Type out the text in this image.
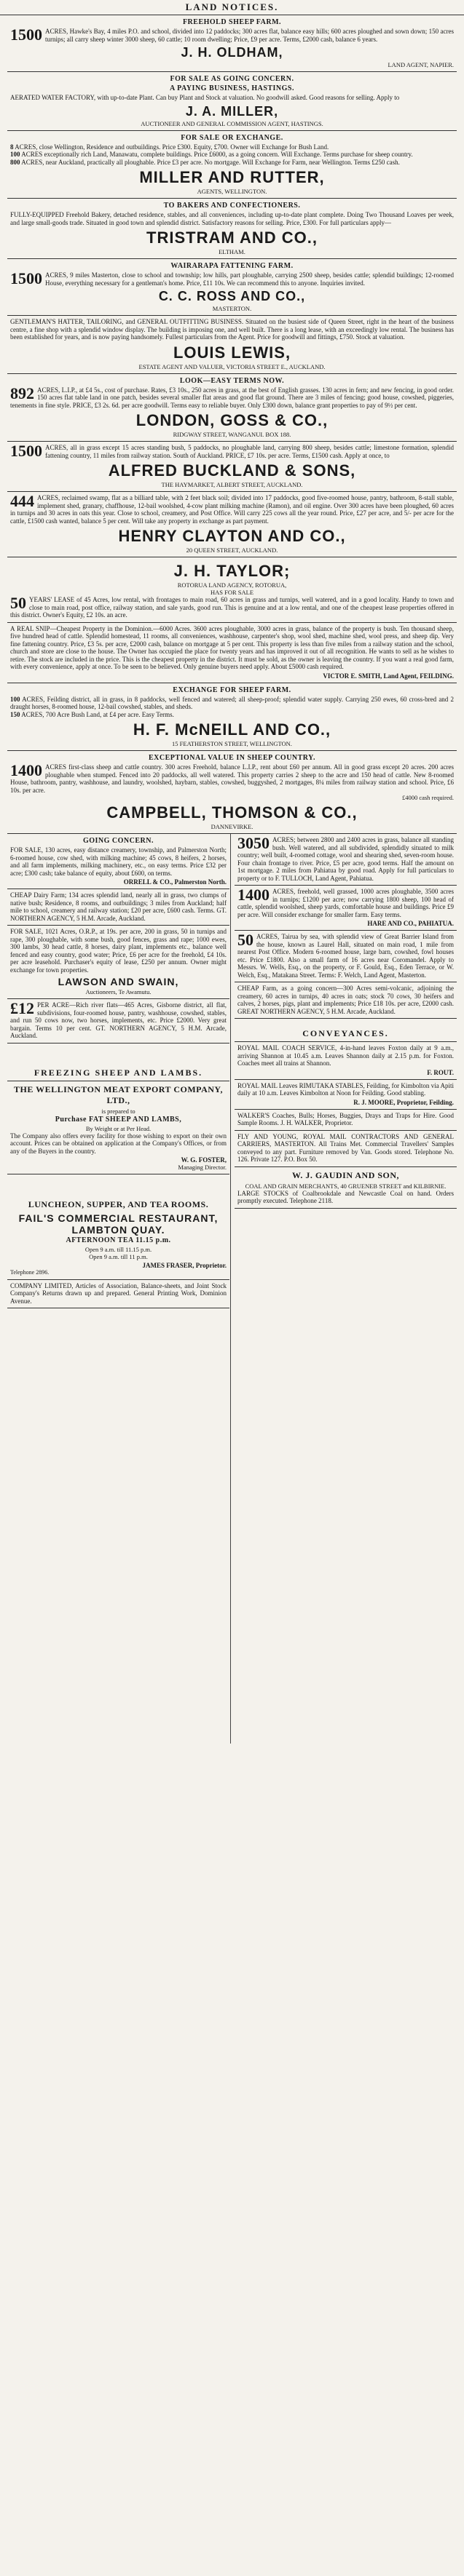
LAND NOTICES.
FREEHOLD SHEEP FARM.

1500 ACRES, Hawke's Bay, 4 miles P.O. and school, divided into 12 paddocks; 300 acres flat, balance easy hills; 600 acres ploughed and sown down; 150 acres turnips; all carry sheep winter 3000 sheep, 60 cattle; 10 room dwelling; Price, £9 per acre. Terms, £2000 cash, balance 6 years.

J. H. OLDHAM,
LAND AGENT, NAPIER.
FOR SALE AS GOING CONCERN.
A PAYING BUSINESS, HASTINGS.

AERATED WATER FACTORY, with up-to-date Plant. Can buy Plant and Stock at valuation. No goodwill asked. Good reasons for selling. Apply to

J. A. MILLER,
AUCTIONEER AND GENERAL COMMISSION AGENT, HASTINGS.
FOR SALE OR EXCHANGE.

8 ACRES, close Wellington, Residence and outbuildings. Price £300. Equity, £700. Owner will Exchange for Bush Land.

100 ACRES exceptionally rich Land, Manawatu, complete buildings. Price £6000, as a going concern. Will Exchange. Terms purchase for sheep country.

800 ACRES, near Auckland, practically all ploughable. Price £3 per acre. No mortgage. Will Exchange for Farm, near Wellington. Terms £250 cash.

MILLER AND RUTTER,
AGENTS, WELLINGTON.
TO BAKERS AND CONFECTIONERS.

FULLY-EQUIPPED Freehold Bakery, detached residence, stables, and all conveniences, including up-to-date plant complete. Doing Two Thousand Loaves per week, and large small-goods trade. Situated in good town and splendid district. Satisfactory reasons for selling. Price, £300. For full particulars apply—

TRISTRAM AND CO.,
ELTHAM.
WAIRARAPA FATTENING FARM.

1500 ACRES, 9 miles Masterton, close to school and township; low hills, part ploughable, carrying 2500 sheep, besides cattle; splendid buildings; 12-roomed House, everything necessary for a gentleman's home. Price, £11 10s. We can recommend this to anyone. Inquiries invited.

C. C. ROSS AND CO.,
MASTERTON.

GENTLEMAN'S HATTER, TAILORING, and GENERAL OUTFITTING BUSINESS. Situated on the busiest side of Queen Street, right in the heart of the business centre, a fine shop with a splendid window display. The building is imposing one, and well built. There is a long lease, with an exceedingly low rental. The business has been established for years, and is now paying handsomely. Fullest particulars from the Agent. Price for goodwill and fittings, £750. Stock at valuation.

LOUIS LEWIS,
ESTATE AGENT AND VALUER, VICTORIA STREET E., AUCKLAND.
LOOK—EASY TERMS NOW.

892 ACRES, L.I.P., at £4 5s., cost of purchase. Rates, £3 10s., 250 acres in grass, at the best of English grasses. 130 acres in fern; and new fencing, in good order. 150 acres flat table land in one patch, besides several smaller flat areas and good flat ground. There are 3 miles of fencing; good house, cowshed, piggeries, tenements in fine style. PRICE, £3 2s. 6d. per acre goodwill. Terms easy to reliable buyer. Only £300 down, balance grant properties to pay of 9½ per cent.

LONDON, GOSS & CO.,
RIDGWAY STREET, WANGANUI. BOX 188.

1500 ACRES, all in grass except 15 acres standing bush, 5 paddocks, no ploughable land, carrying 800 sheep, besides cattle; limestone formation, splendid fattening country, 11 miles from railway station. South of Auckland. PRICE, £7 10s. per acre. Terms, £1500 cash. Apply at once, to

ALFRED BUCKLAND & SONS,
THE HAYMARKET, ALBERT STREET, AUCKLAND.

444 ACRES, reclaimed swamp, flat as a billiard table, with 2 feet black soil; divided into 17 paddocks, good five-roomed house, pantry, bathroom, 8-stall stable, implement shed, granary, chaffhouse, 12-bail woolshed, 4-cow plant milking machine (Ramon), and oil engine. Over 300 acres have been ploughed, 60 acres in turnips and 30 acres in oats this year. Close to school, creamery, and Post Office. Will carry 225 cows all the year round. Price, £27 per acre, and 5/- per acre for the cattle, £1500 cash wanted, balance 5 per cent. Will take any property in exchange as part payment.

HENRY CLAYTON AND CO.,
20 QUEEN STREET, AUCKLAND.
J. H. TAYLOR;
ROTORUA LAND AGENCY, ROTORUA,
HAS FOR SALE

50 YEARS' LEASE of 45 Acres, low rental, with frontages to main road, 60 acres in grass and turnips, well watered, and in a good locality. Handy to town and close to main road, post office, railway station, and sale yards, good run. This is genuine and at a low rental, and one of the cheapest lease properties offered in this district. Owner's Equity, £2 10s. an acre.

A REAL SNIP—Cheapest Property in the Dominion.—6000 Acres. 3600 acres ploughable, 3000 acres in grass, balance of the property is bush. Ten thousand sheep, five hundred head of cattle. Splendid homestead, 11 rooms, all conveniences, washhouse, carpenter's shop, wool shed, machine shed, wool press, and sheep dip. Very fine fattening country. Price, £3 5s. per acre, £2000 cash, balance on mortgage at 5 per cent. This property is less than five miles from a railway station and the school, church and store are close to the house. The Owner has occupied the place for twenty years and has improved it out of all recognition. He wants to sell as he wishes to retire. The stock are included in the price. This is the cheapest property in the district. It must be sold, as the owner is leaving the country. If you want a real good farm, with every convenience, apply at once. To be seen to be believed. Only genuine buyers need apply. About £5000 cash required.

VICTOR E. SMITH, Land Agent, FEILDING.
EXCHANGE FOR SHEEP FARM.

100 ACRES, Feilding district, all in grass, in 8 paddocks, well fenced and watered; all sheep-proof; splendid water supply. Carrying 250 ewes, 60 cross-bred and 2 draught horses, 8-roomed house, 12-bail cowshed, stables, and sheds.

150 ACRES, 700 Acre Bush Land, at £4 per acre. Easy Terms.

H. F. McNEILL AND CO.,
15 FEATHERSTON STREET, WELLINGTON.
EXCEPTIONAL VALUE IN SHEEP COUNTRY.

1400 ACRES first-class sheep and cattle country. 300 acres Freehold, balance L.I.P., rent about £60 per annum. All in good grass except 20 acres. 200 acres ploughable when stumped. Fenced into 20 paddocks, all well watered. This property carries 2 sheep to the acre and 150 head of cattle. New 8-roomed House, bathroom, pantry, washhouse, and laundry, woolshed, haybarn, stables, cowshed, buggyshed, 2 mortgages, 8¼ miles from railway station and school. Price, £6 10s. per acre.

£4000 cash required.
CAMPBELL, THOMSON & CO.,
DANNEVIRKE.
GOING CONCERN.

FOR SALE, 130 acres, easy distance creamery, township, and Palmerston North; 6-roomed house, cow shed, with milking machine; 45 cows, 8 heifers, 2 horses, and all farm implements, milking machinery, etc., on easy terms. Price £32 per acre; £300 cash; take balance of equity, about £600, on terms.

ORRELL & CO., Palmerston North.

CHEAP Dairy Farm; 134 acres splendid land, nearly all in grass, two clumps of native bush; Residence, 8 rooms, and outbuildings; 3 miles from Auckland; half mile to school, creamery and railway station; £20 per acre, £600 cash. Terms. GT. NORTHERN AGENCY, 5 H.M. Arcade, Auckland.

FOR SALE, 1021 Acres, O.R.P., at 19s. per acre, 200 in grass, 50 in turnips and rape, 300 ploughable, with some bush, good fences, grass and rape; 1000 ewes, 300 lambs, 30 head cattle, 8 horses, dairy plant, implements etc., balance well fenced and easy country, good water; Price, £6 per acre for the freehold, £4 10s. per acre leasehold. Purchaser's equity of lease, £250 per annum. Owner might exchange for town properties.

LAWSON AND SWAIN,
Auctioneers, Te Awamutu.

£12 PER ACRE—Rich river flats—465 Acres, Gisborne district, all flat, subdivisions, four-roomed house, pantry, washhouse, cowshed, stables, and run 50 cows now, two horses, implements, etc. Price £2000. Very great bargain. Terms 10 per cent. GT. NORTHERN AGENCY, 5 H.M. Arcade, Auckland.

FREEZING SHEEP AND LAMBS.
THE WELLINGTON MEAT EXPORT COMPANY, LTD.,
is prepared to
Purchase FAT SHEEP AND LAMBS,
By Weight or at Per Head.

The Company also offers every facility for those wishing to export on their own account. Prices can be obtained on application at the Company's Offices, or from any of the Buyers in the country.

W. G. FOSTER,
Managing Director.
LUNCHEON, SUPPER, AND TEA ROOMS.
FAIL'S COMMERCIAL RESTAURANT, LAMBTON QUAY.
AFTERNOON TEA 11.15 p.m.
Open 9 a.m. till 11.15 p.m.
Open 9 a.m. till 11 p.m.
JAMES FRASER, Proprietor.
Telephone 2896.

COMPANY LIMITED, Articles of Association, Balance-sheets, and Joint Stock Company's Returns drawn up and prepared. General Printing Work, Dominion Avenue.

3050 ACRES; between 2800 and 2400 acres in grass, balance all standing bush. Well watered, and all subdivided, splendidly situated to milk country; well built, 4-roomed cottage, wool and shearing shed, seven-room house. Four chain frontage to river. Price, £5 per acre, good terms. Half the amount on 1st mortgage. 2 miles from Pahiatua by good road. Apply for full particulars to property or to F. TULLOCH, Land Agent, Pahiatua.

1400 ACRES, freehold, well grassed, 1000 acres ploughable, 3500 acres in turnips; £1200 per acre; now carrying 1800 sheep, 100 head of cattle, splendid woolshed, sheep yards, comfortable house and buildings. Price £9 per acre. Will consider exchange for smaller farm. Easy terms.

HARE AND CO., PAHIATUA.

50 ACRES, Tairua by sea, with splendid view of Great Barrier Island from the house, known as Laurel Hall, situated on main road, 1 mile from nearest Post Office. Modern 6-roomed house, large barn, cowshed, fowl houses etc. Price £1800. Also a small farm of 16 acres near Coromandel. Apply to Messrs. W. Wells, Esq., on the property, or F. Gould, Esq., Eden Terrace, or W. Welch, Esq., Matakana Street. Terms: F. Welch, Land Agent, Masterton.

CHEAP Farm, as a going concern—300 Acres semi-volcanic, adjoining the creamery, 60 acres in turnips, 40 acres in oats; stock 70 cows, 30 heifers and calves, 2 horses, pigs, plant and implements; Price £18 10s. per acre, £2000 cash. GREAT NORTHERN AGENCY, 5 H.M. Arcade, Auckland.

CONVEYANCES.

ROYAL MAIL COACH SERVICE, 4-in-hand leaves Foxton daily at 9 a.m., arriving Shannon at 10.45 a.m. Leaves Shannon daily at 2.15 p.m. for Foxton. Coaches meet all trains at Shannon.

F. ROUT.

ROYAL MAIL Leaves RIMUTAKA STABLES, Feilding, for Kimbolton via Apiti daily at 10 a.m. Leaves Kimbolton at Noon for Feilding. Good stabling.

R. J. MOORE, Proprietor, Feilding.

WALKER'S Coaches, Bulls; Horses, Buggies, Drays and Traps for Hire. Good Sample Rooms. J. H. WALKER, Proprietor.

FLY AND YOUNG, ROYAL MAIL CONTRACTORS AND GENERAL CARRIERS, MASTERTON. All Trains Met. Commercial Travellers' Samples conveyed to any part. Furniture removed by Van. Goods stored. Telephone No. 126. Private 127. P.O. Box 50.

W. J. GAUDIN AND SON,
COAL AND GRAIN MERCHANTS, 40 GRUENEB STREET and KILBIRNIE.

LARGE STOCKS of Coalbrookdale and Newcastle Coal on hand. Orders promptly executed. Telephone 2118.
